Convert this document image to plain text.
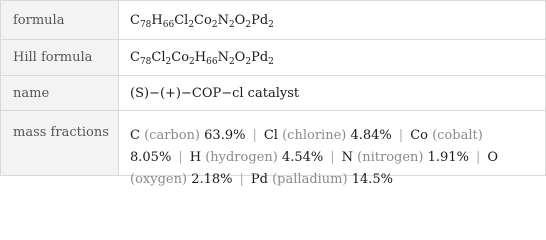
formula	$C_{78}$ $H_{66}$ $Cl_2$ $Co_2$ $N_2$ $O_2$ $Pd_2$
Hill formula	$C_{78}$ $Cl_2$ $Co_2$ $H_{66}$ $N_2$ $O_2$ $Pd_2$
name	(S)−(+)−COP−cl catalyst
mass fractions	C (carbon) 63.9% | Cl (chlorine) 4.84% | Co (cobalt)
8.05% | H (hydrogen) 4.54% | N (nitrogen) 1.91% | O
(oxygen) 2.18% | Pd (palladium) 14.5%
